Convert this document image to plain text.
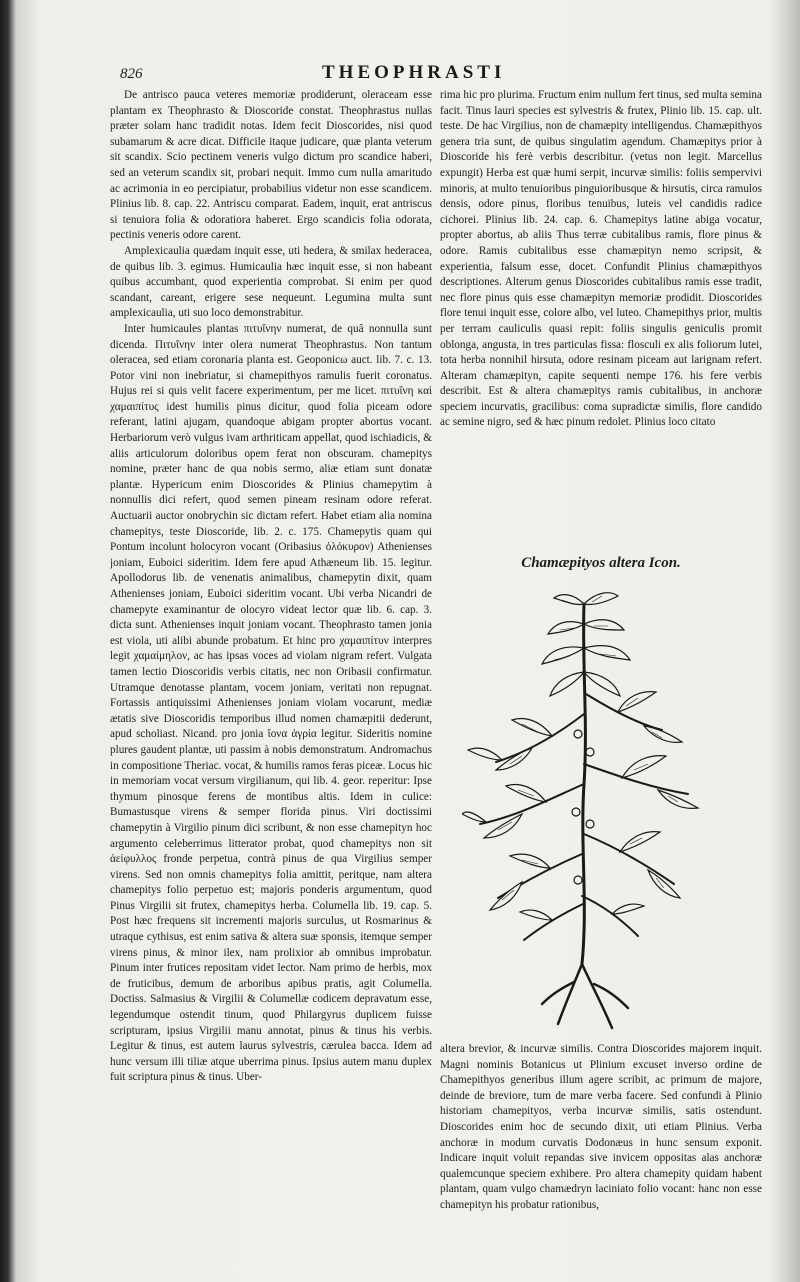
826	THEOPHRASTI

De antrisco pauca veteres memoriæ prodiderunt, oleraceam esse plantam ex Theophrasto & Dioscoride constat. Theophrastus nullas præter solam hanc tradidit notas. Idem fecit Dioscorides, nisi quod subamarum & acre dicat. Difficile itaque judicare, quæ planta veterum sit scandix. Scio pectinem veneris vulgo dictum pro scandice haberi, sed an veterum scandix sit, probari nequit. Immo cum nulla amaritudo ac acrimonia in eo percipiatur, probabilius videtur non esse scandicem. Plinius lib. 8. cap. 22. Antriscu comparat. Eadem, inquit, erat antriscus si tenuiora folia & odoratiora haberet. Ergo scandicis folia odorata, pectinis veneris odore carent.

Amplexicaulia quædam inquit esse, uti hedera, & smilax hederacea, de quibus lib. 3. egimus. Humicaulia hæc inquit esse, si non habeant quibus accumbant, quod experientia comprobat. Si enim per quod scandant, careant, erigere sese nequeunt. Legumina multa sunt amplexicaulia, uti suo loco demonstrabitur.

Inter humicaules plantas πιτυΐνην numerat, de quâ nonnulla sunt dicenda. Πιτυΐνην inter olera numerat Theophrastus. Non tantum oleracea, sed etiam coronaria planta est. Geoponicω auct. lib. 7. c. 13. Potor vini non inebriatur, si chamepithyos ramulis fuerit coronatus. Hujus rei si quis velit facere experimentum, per me licet. πιτυΐνη καὶ χαμαιπίτυς idest humilis pinus dicitur, quod folia piceam odore referant, latini ajugam, quandoque abigam propter abortus vocant. Herbariorum verò vulgus ivam arthriticam appellat, quod ischiadicis, & aliis articulorum doloribus opem ferat non obscuram. chamepitys nomine, præter hanc de qua nobis sermo, aliæ etiam sunt donatæ plantæ. Hypericum enim Dioscorides & Plinius chamepytim à nonnullis dici refert, quod semen pineam resinam odore referat. Auctuarii auctor onobrychin sic dictam refert. Habet etiam alia nomina chamepitys, teste Dioscoride, lib. 2. c. 175. Chamepytis quam qui Pontum incolunt holocyron vocant (Oribasius ὀλόκυρον) Athenienses joniam, Euboici sideritim. Idem fere apud Athæneum lib. 15. legitur. Apollodorus lib. de venenatis animalibus, chamepytin dixit, quam Athenienses joniam, Euboici sideritim vocant. Ubi verba Nicandri de chamepyte examinantur de olocyro videat lector quæ lib. 6. cap. 3. dicta sunt. Athenienses inquit joniam vocant. Theophrasto tamen jonia est viola, uti alibi abunde probatum. Et hinc pro χαμαιπίτυν interpres legit χαμαίμηλον, ac has ipsas voces ad violam nigram refert. Vulgata tamen lectio Dioscoridis verbis citatis, nec non Oribasii confirmatur. Utramque denotasse plantam, vocem joniam, veritati non repugnat. Fortassis antiquissimi Athenienses joniam violam vocarunt, mediæ ætatis sive Dioscoridis temporibus illud nomen chamæpitii dederunt, apud scholiast. Nicand. pro jonia ἴονα ἀγρία legitur. Sideritis nomine plures gaudent plantæ, uti passim à nobis demonstratum. Andromachus in compositione Theriac. vocat, & humilis ramos feras piceæ. Locus hic in memoriam vocat versum virgilianum, qui lib. 4. geor. reperitur: Ipse thymum pinosque ferens de montibus altis. Idem in culice: Bumastusque virens & semper florida pinus. Viri doctissimi chamepytin à Virgilio pinum dici scribunt, & non esse chamepityn hoc argumento celeberrimus litterator probat, quod chamepitys non sit ἀείφυλλος fronde perpetua, contrà pinus de qua Virgilius semper virens. Sed non omnis chamepitys folia amittit, peritque, nam altera chamepitys folio perpetuo est; majoris ponderis argumentum, quod Pinus Virgilii sit frutex, chamepitys herba. Columella lib. 19. cap. 5. Post hæc frequens sit incrementi majoris surculus, ut Rosmarinus & utraque cythisus, est enim sativa & altera suæ sponsis, itemque semper virens pinus, & minor ilex, nam prolixior ab omnibus improbatur. Pinum inter frutices repositam videt lector. Nam primo de herbis, mox de fruticibus, demum de arboribus apibus pratis, agit Columella. Doctiss. Salmasius & Virgilii & Columellæ codicem depravatum esse, legendumque ostendit tinum, quod Philargyrus duplicem fuisse scripturam, ipsius Virgilii manu annotat, pinus & tinus his verbis. Legitur & tinus, est autem laurus sylvestris, cærulea bacca. Idem ad hunc versum illi tiliæ atque uberrima pinus. Ipsius autem manu duplex fuit scriptura pinus & tinus. Uber-

rima hic pro plurima. Fructum enim nullum fert tinus, sed multa semina facit. Tinus lauri species est sylvestris & frutex, Plinio lib. 15. cap. ult. teste. De hac Virgilius, non de chamæpity intelligendus. Chamæpithyos genera tria sunt, de quibus singulatim agendum. Chamæpitys prior à Dioscoride his ferè verbis describitur. (vetus non legit. Marcellus expungit) Herba est quæ humi serpit, incurvæ similis: foliis sempervivi minoris, at multo tenuioribus pinguioribusque & hirsutis, circa ramulos densis, odore pinus, floribus tenuibus, luteis vel candidis radice cichorei. Plinius lib. 24. cap. 6. Chamepitys latine abiga vocatur, propter abortus, ab aliis Thus terræ cubitalibus ramis, flore pinus & odore. Ramis cubitalibus esse chamæpityn nemo scripsit, & experientia, falsum esse, docet. Confundit Plinius chamæpithyos descriptiones. Alterum genus Dioscorides cubitalibus ramis esse tradit, nec flore pinus quis esse chamæpityn memoriæ prodidit. Dioscorides flore tenui inquit esse, colore albo, vel luteo. Chamepithys prior, multis per terram cauliculis quasi repit: foliis singulis geniculis promit oblonga, angusta, in tres particulas fissa: flosculi ex alis foliorum lutei, tota herba nonnihil hirsuta, odore resinam piceam aut larignam refert. Alteram chamæpityn, capite sequenti nempe 176. his fere verbis describit. Est & altera chamæpitys ramis cubitalibus, in anchoræ speciem incurvatis, gracilibus: coma supradictæ similis, flore candido ac semine nigro, sed & hæc pinum redolet. Plinius loco citato

Chamæpityos altera Icon.

altera brevior, & incurvæ similis. Contra Dioscorides majorem inquit. Magni nominis Botanicus ut Plinium excuset inverso ordine de Chamepithyos generibus illum agere scribit, ac primum de majore, deinde de breviore, tum de mare verba facere. Sed confundi à Plinio historiam chamepityos, verba incurvæ similis, satis ostendunt. Dioscorides enim hoc de secundo dixit, uti etiam Plinius. Verba anchoræ in modum curvatis Dodonæus in hunc sensum exponit. Indicare inquit voluit repandas sive invicem oppositas alas anchoræ qualemcunque speciem exhibere. Pro altera chamepity quidam habent plantam, quam vulgo chamædryn laciniato folio vocant: hanc non esse chamepityn his probatur rationibus,
